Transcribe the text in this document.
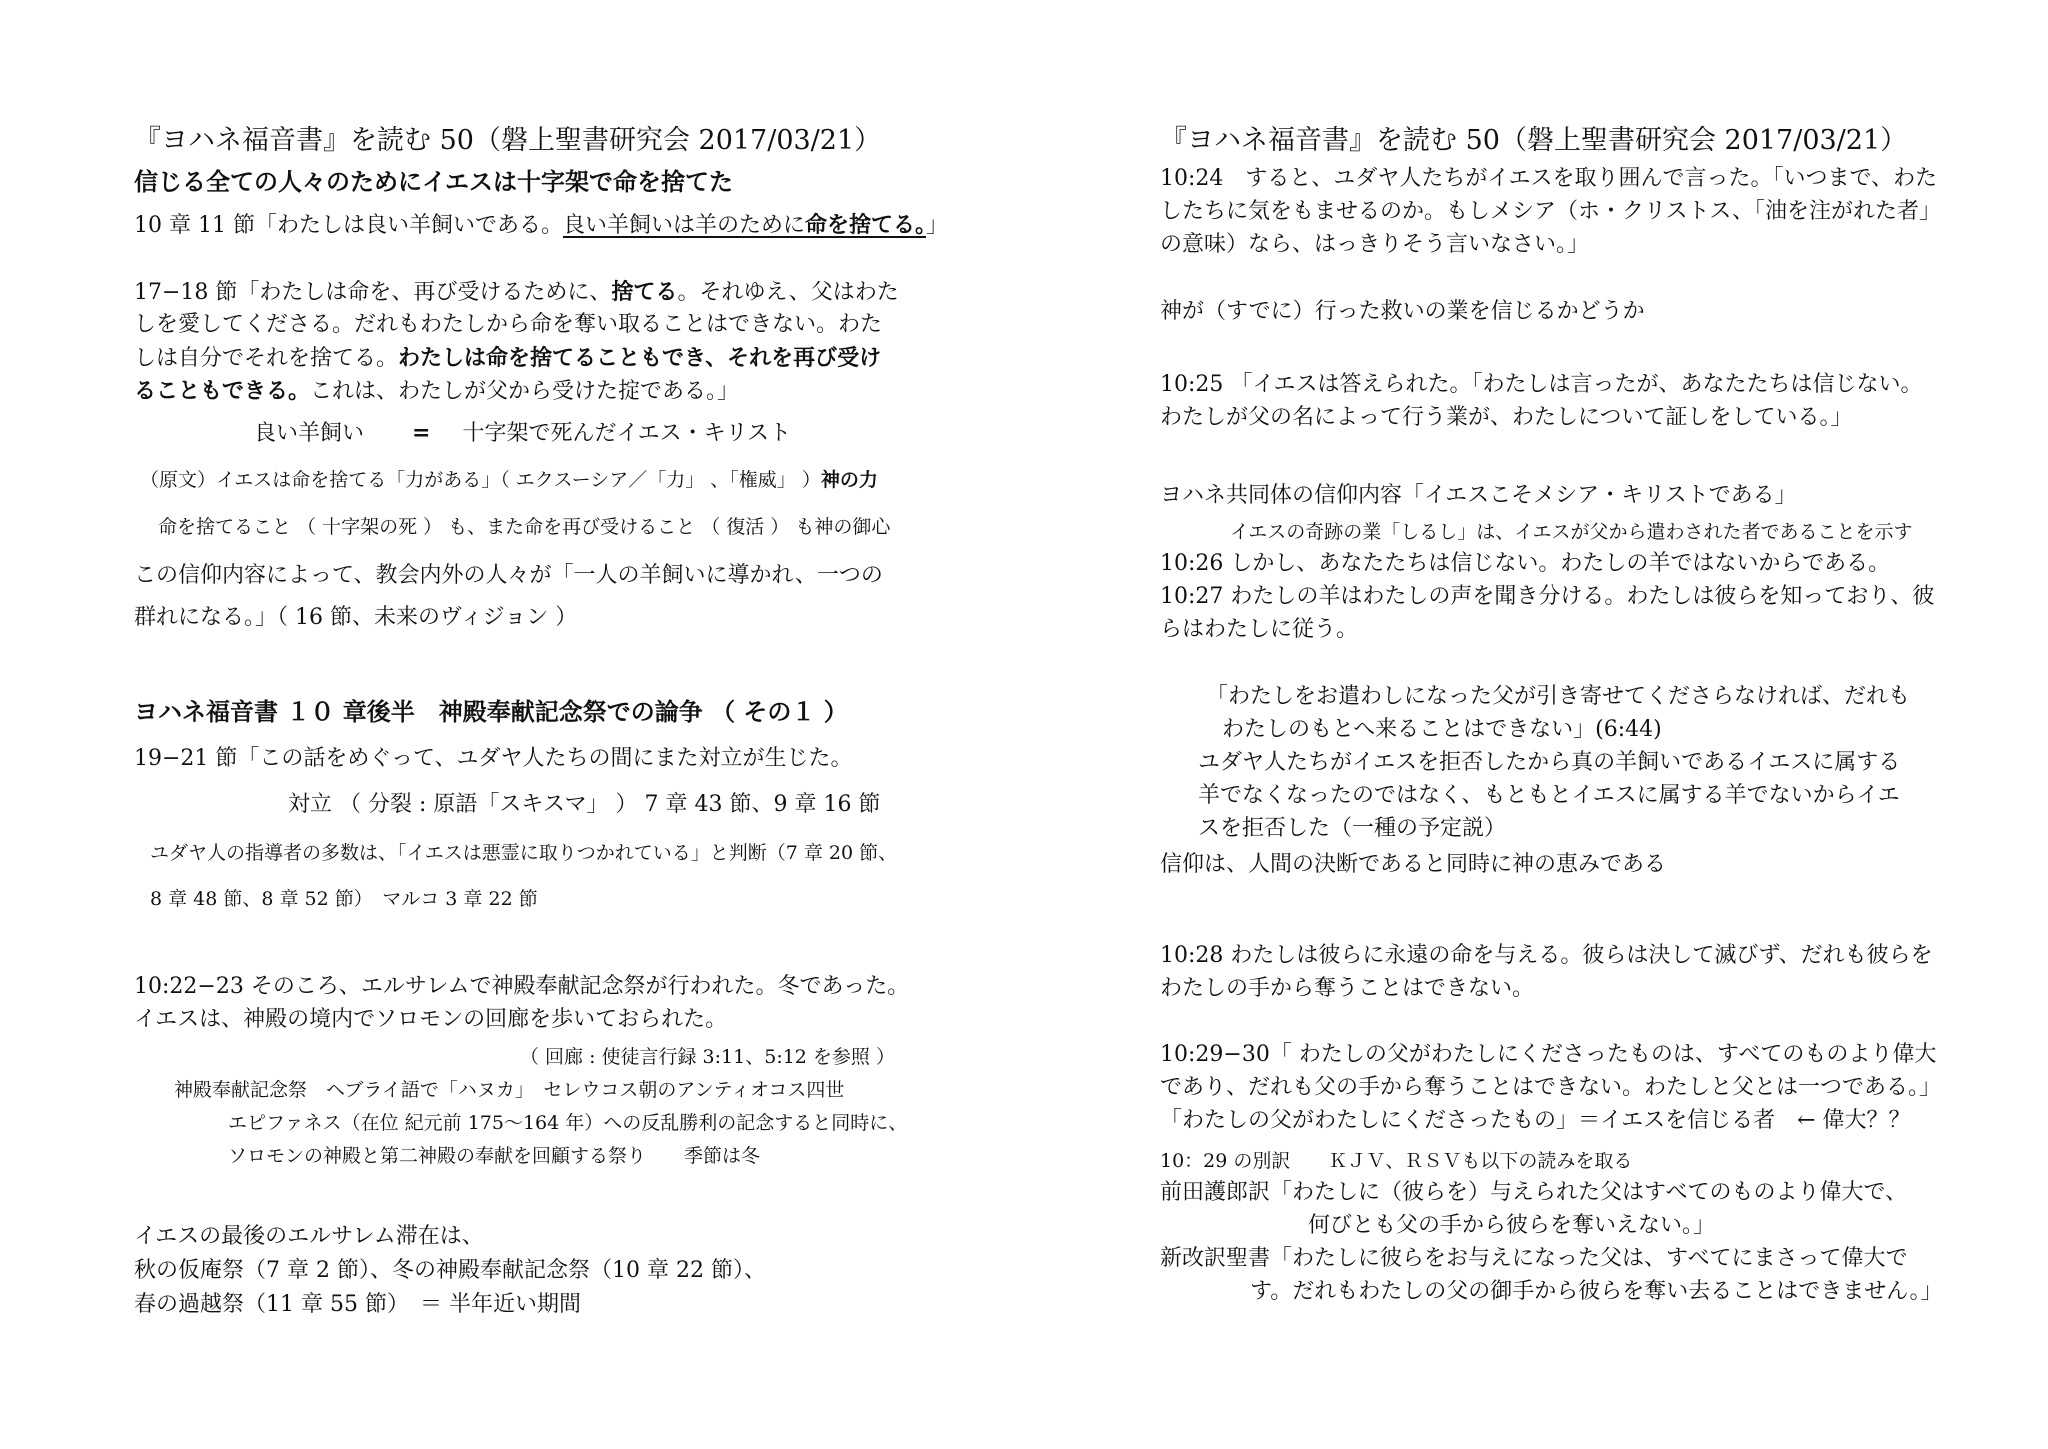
『ヨハネ福音書』を読む 50（磐上聖書研究会 2017/03/21）
信じる全ての人々のためにイエスは十字架で命を捨てた
10 章 11 節「わたしは良い羊飼いである。良い羊飼いは羊のために命を捨てる。」
17−18 節「わたしは命を、再び受けるために、捨てる。それゆえ、父はわた
しを愛してくださる。だれもわたしから命を奪い取ることはできない。わた
しは自分でそれを捨てる。わたしは命を捨てることもでき、それを再び受け
ることもできる。これは、わたしが父から受けた掟である。」
良い羊飼い = 十字架で死んだイエス・キリスト
（原文）イエスは命を捨てる「力がある」（ エクスーシア／「力」 、「権威」 ）神の力
命を捨てること （ 十字架の死 ） も、また命を再び受けること （ 復活 ） も神の御心
この信仰内容によって、教会内外の人々が「一人の羊飼いに導かれ、一つの
群れになる。」（ 16 節、未来のヴィジョン ）
ヨハネ福音書 １０ 章後半　神殿奉献記念祭での論争 （ その１ ）
19−21 節「この話をめぐって、ユダヤ人たちの間にまた対立が生じた。
対立 （ 分裂 : 原語「スキスマ」 ） 7 章 43 節、9 章 16 節
ユダヤ人の指導者の多数は、「イエスは悪霊に取りつかれている」と判断（7 章 20 節、
8 章 48 節、8 章 52 節）　マルコ 3 章 22 節
10:22−23 そのころ、エルサレムで神殿奉献記念祭が行われた。冬であった。
イエスは、神殿の境内でソロモンの回廊を歩いておられた。
（ 回廊 : 使徒言行録 3:11、5:12 を参照 ）
神殿奉献記念祭　ヘブライ語で「ハヌカ」　セレウコス朝のアンティオコス四世
エピファネス（在位 紀元前 175〜164 年）への反乱勝利の記念すると同時に、
ソロモンの神殿と第二神殿の奉献を回顧する祭り　　季節は冬
イエスの最後のエルサレム滞在は、
秋の仮庵祭（7 章 2 節）、冬の神殿奉献記念祭（10 章 22 節）、
春の過越祭（11 章 55 節）　＝ 半年近い期間
『ヨハネ福音書』を読む 50（磐上聖書研究会 2017/03/21）
10:24　すると、ユダヤ人たちがイエスを取り囲んで言った。「いつまで、わた
したちに気をもませるのか。もしメシア（ホ・クリストス、「油を注がれた者」
の意味）なら、はっきりそう言いなさい。」
神が（すでに）行った救いの業を信じるかどうか
10:25 「イエスは答えられた。「わたしは言ったが、あなたたちは信じない。
わたしが父の名によって行う業が、わたしについて証しをしている。」
ヨハネ共同体の信仰内容「イエスこそメシア・キリストである」
イエスの奇跡の業「しるし」は、イエスが父から遣わされた者であることを示す
10:26 しかし、あなたたちは信じない。わたしの羊ではないからである。
10:27 わたしの羊はわたしの声を聞き分ける。わたしは彼らを知っており、彼
らはわたしに従う。
「わたしをお遣わしになった父が引き寄せてくださらなければ、だれも
わたしのもとへ来ることはできない」(6:44)
ユダヤ人たちがイエスを拒否したから真の羊飼いであるイエスに属する
羊でなくなったのではなく、もともとイエスに属する羊でないからイエ
スを拒否した（一種の予定説）
信仰は、人間の決断であると同時に神の恵みである
10:28 わたしは彼らに永遠の命を与える。彼らは決して滅びず、だれも彼らを
わたしの手から奪うことはできない。
10:29−30「 わたしの父がわたしにくださったものは、すべてのものより偉大
であり、だれも父の手から奪うことはできない。わたしと父とは一つである。」
「わたしの父がわたしにくださったもの」＝イエスを信じる者　← 偉大？？
10：29 の別訳　　ＫＪＶ、ＲＳＶも以下の読みを取る
前田護郎訳「わたしに（彼らを）与えられた父はすべてのものより偉大で、
何びとも父の手から彼らを奪いえない。」
新改訳聖書「わたしに彼らをお与えになった父は、すべてにまさって偉大で
す。だれもわたしの父の御手から彼らを奪い去ることはできません。」
